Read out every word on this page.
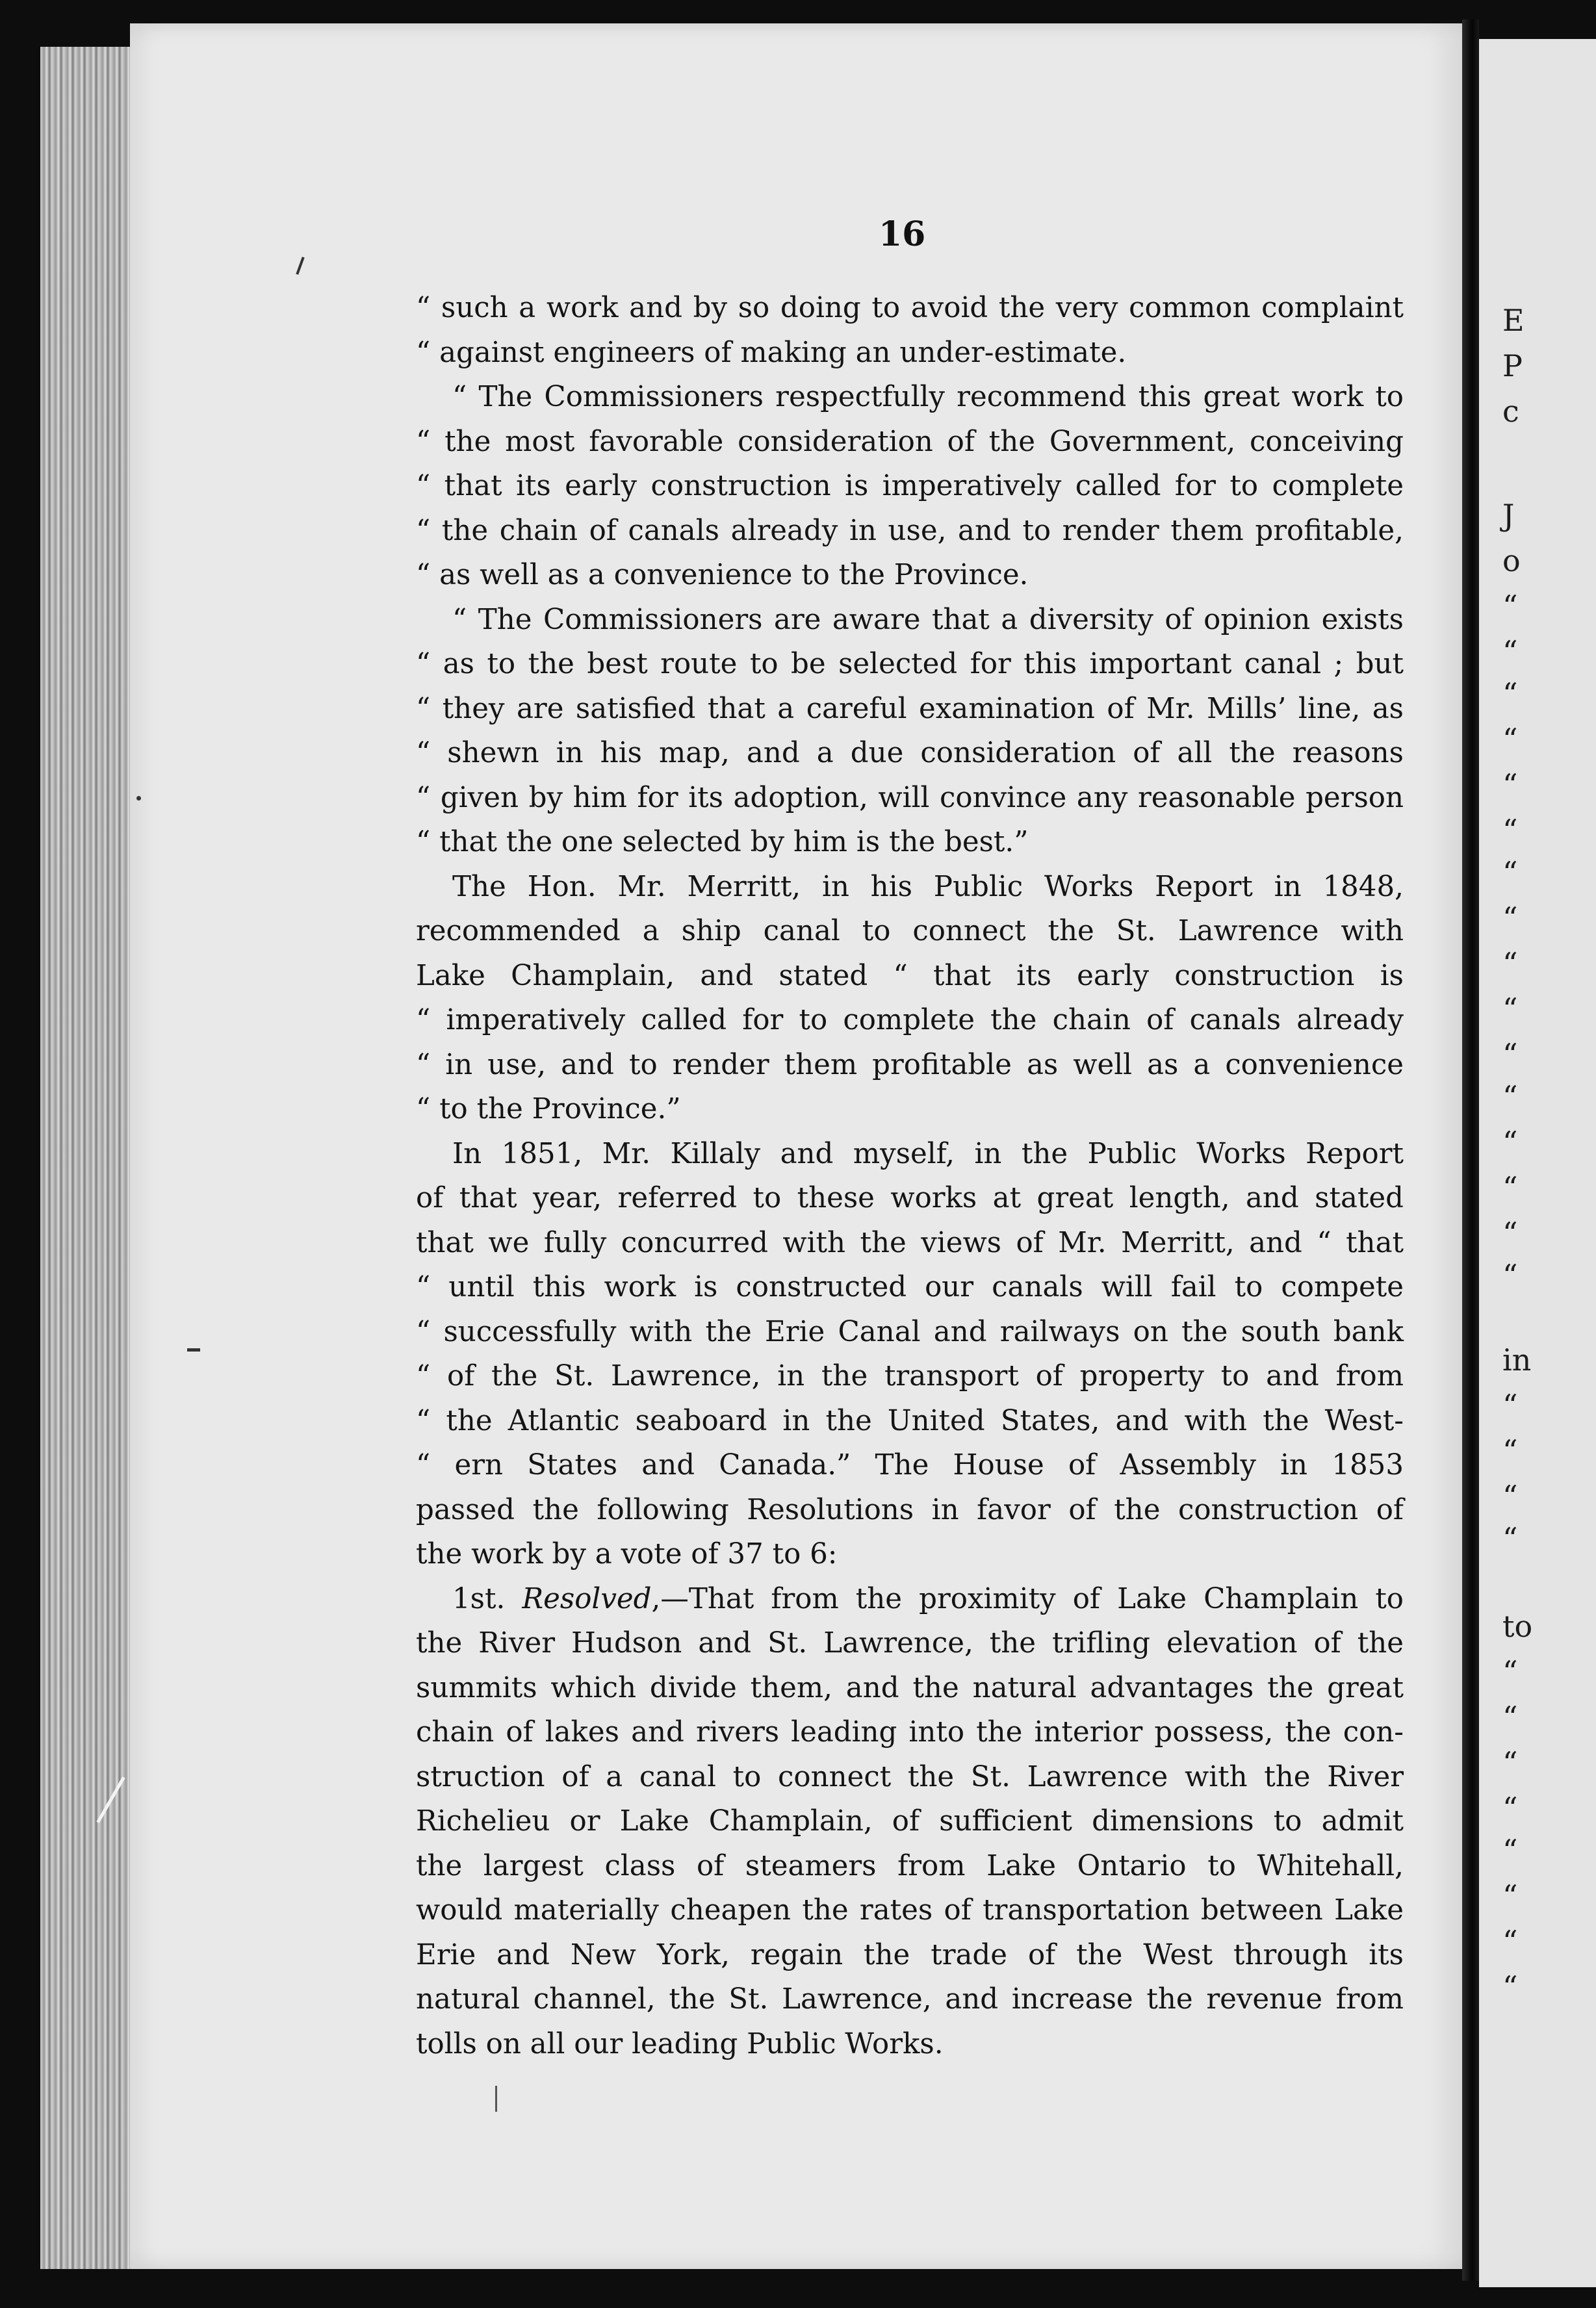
E
P
c
J
o
“
“
“
“
“
“
“
“
“
“
“
“
“
“
“
“
in
“
“
“
“
to
“
“
“
“
“
“
“
“
16
“ such a work and by so doing to avoid the very common complaint
“ against engineers of making an under-estimate.
“ The Commissioners respectfully recommend this great work to
“ the most favorable consideration of the Government, conceiving
“ that its early construction is imperatively called for to complete
“ the chain of canals already in use, and to render them profitable,
“ as well as a convenience to the Province.
“ The Commissioners are aware that a diversity of opinion exists
“ as to the best route to be selected for this important canal ; but
“ they are satisfied that a careful examination of Mr. Mills’ line, as
“ shewn in his map, and a due consideration of all the reasons
“ given by him for its adoption, will convince any reasonable person
“ that the one selected by him is the best.”
The Hon. Mr. Merritt, in his Public Works Report in 1848,
recommended a ship canal to connect the St. Lawrence with
Lake Champlain, and stated “ that its early construction is
“ imperatively called for to complete the chain of canals already
“ in use, and to render them profitable as well as a convenience
“ to the Province.”
In 1851, Mr. Killaly and myself, in the Public Works Report
of that year, referred to these works at great length, and stated
that we fully concurred with the views of Mr. Merritt, and “ that
“ until this work is constructed our canals will fail to compete
“ successfully with the Erie Canal and railways on the south bank
“ of the St. Lawrence, in the transport of property to and from
“ the Atlantic seaboard in the United States, and with the West-
“ ern States and Canada.” The House of Assembly in 1853
passed the following Resolutions in favor of the construction of
the work by a vote of 37 to 6:
1st. Resolved,—That from the proximity of Lake Champlain to
the River Hudson and St. Lawrence, the trifling elevation of the
summits which divide them, and the natural advantages the great
chain of lakes and rivers leading into the interior possess, the con-
struction of a canal to connect the St. Lawrence with the River
Richelieu or Lake Champlain, of sufficient dimensions to admit
the largest class of steamers from Lake Ontario to Whitehall,
would materially cheapen the rates of transportation between Lake
Erie and New York, regain the trade of the West through its
natural channel, the St. Lawrence, and increase the revenue from
tolls on all our leading Public Works.
